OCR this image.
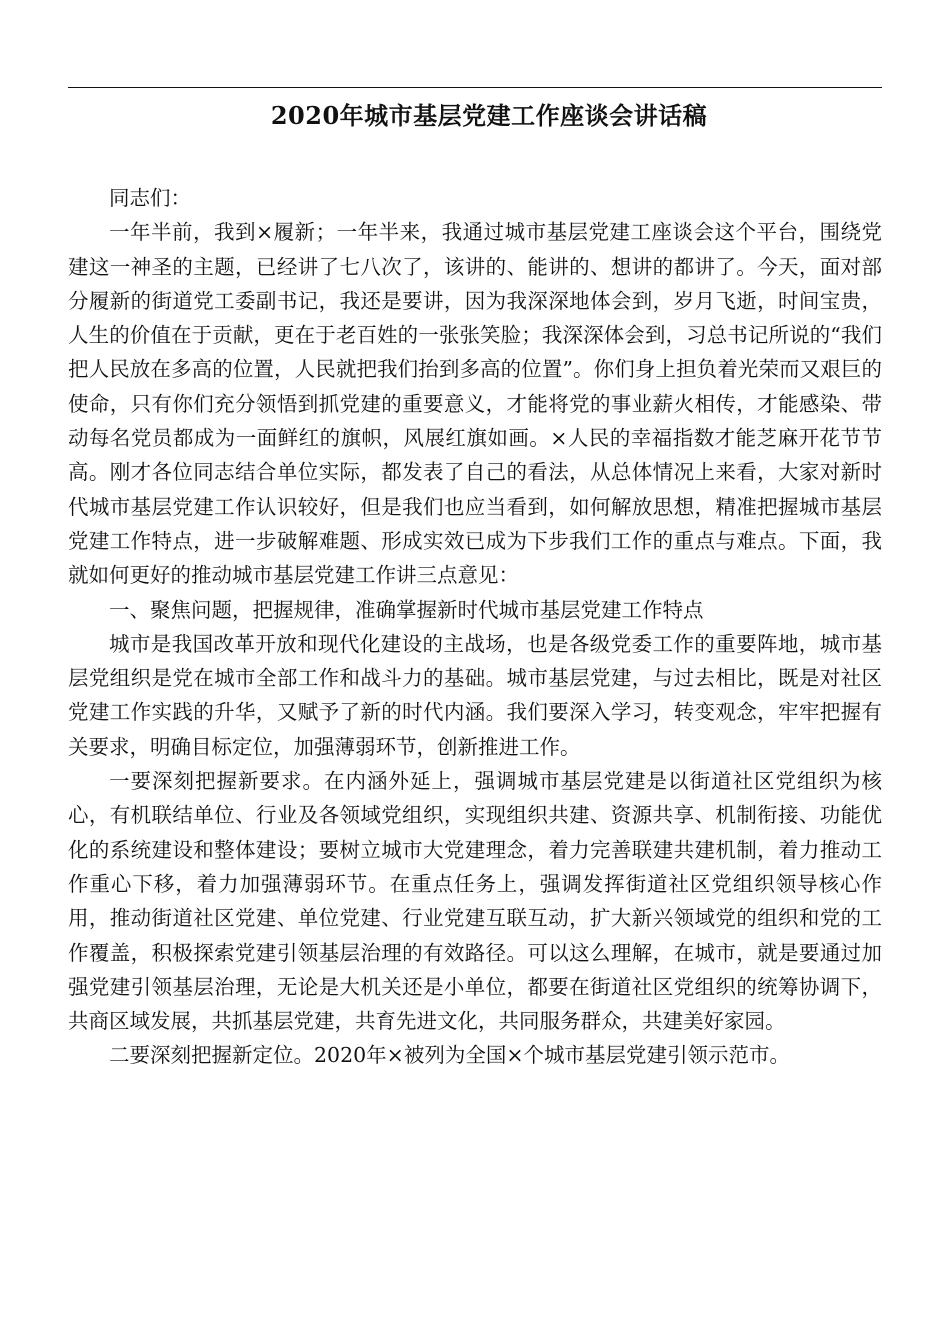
2020年城市基层党建工作座谈会讲话稿

同志们：

一年半前，我到×履新；一年半来，我通过城市基层党建工座谈会这个平台，围绕党建这一神圣的主题，已经讲了七八次了，该讲的、能讲的、想讲的都讲了。今天，面对部分履新的街道党工委副书记，我还是要讲，因为我深深地体会到，岁月飞逝，时间宝贵，人生的价值在于贡献，更在于老百姓的一张张笑脸；我深深体会到，习总书记所说的“我们把人民放在多高的位置，人民就把我们抬到多高的位置”。你们身上担负着光荣而又艰巨的使命，只有你们充分领悟到抓党建的重要意义，才能将党的事业薪火相传，才能感染、带动每名党员都成为一面鲜红的旗帜，风展红旗如画。×人民的幸福指数才能芝麻开花节节高。刚才各位同志结合单位实际，都发表了自己的看法，从总体情况上来看，大家对新时代城市基层党建工作认识较好，但是我们也应当看到，如何解放思想，精准把握城市基层党建工作特点，进一步破解难题、形成实效已成为下步我们工作的重点与难点。下面，我就如何更好的推动城市基层党建工作讲三点意见：

一、聚焦问题，把握规律，准确掌握新时代城市基层党建工作特点

城市是我国改革开放和现代化建设的主战场，也是各级党委工作的重要阵地，城市基层党组织是党在城市全部工作和战斗力的基础。城市基层党建，与过去相比，既是对社区党建工作实践的升华，又赋予了新的时代内涵。我们要深入学习，转变观念，牢牢把握有关要求，明确目标定位，加强薄弱环节，创新推进工作。

一要深刻把握新要求。在内涵外延上，强调城市基层党建是以街道社区党组织为核心，有机联结单位、行业及各领域党组织，实现组织共建、资源共享、机制衔接、功能优化的系统建设和整体建设；要树立城市大党建理念，着力完善联建共建机制，着力推动工作重心下移，着力加强薄弱环节。在重点任务上，强调发挥街道社区党组织领导核心作用，推动街道社区党建、单位党建、行业党建互联互动，扩大新兴领域党的组织和党的工作覆盖，积极探索党建引领基层治理的有效路径。可以这么理解，在城市，就是要通过加强党建引领基层治理，无论是大机关还是小单位，都要在街道社区党组织的统筹协调下，共商区域发展，共抓基层党建，共育先进文化，共同服务群众，共建美好家园。

二要深刻把握新定位。2020年×被列为全国×个城市基层党建引领示范市。
